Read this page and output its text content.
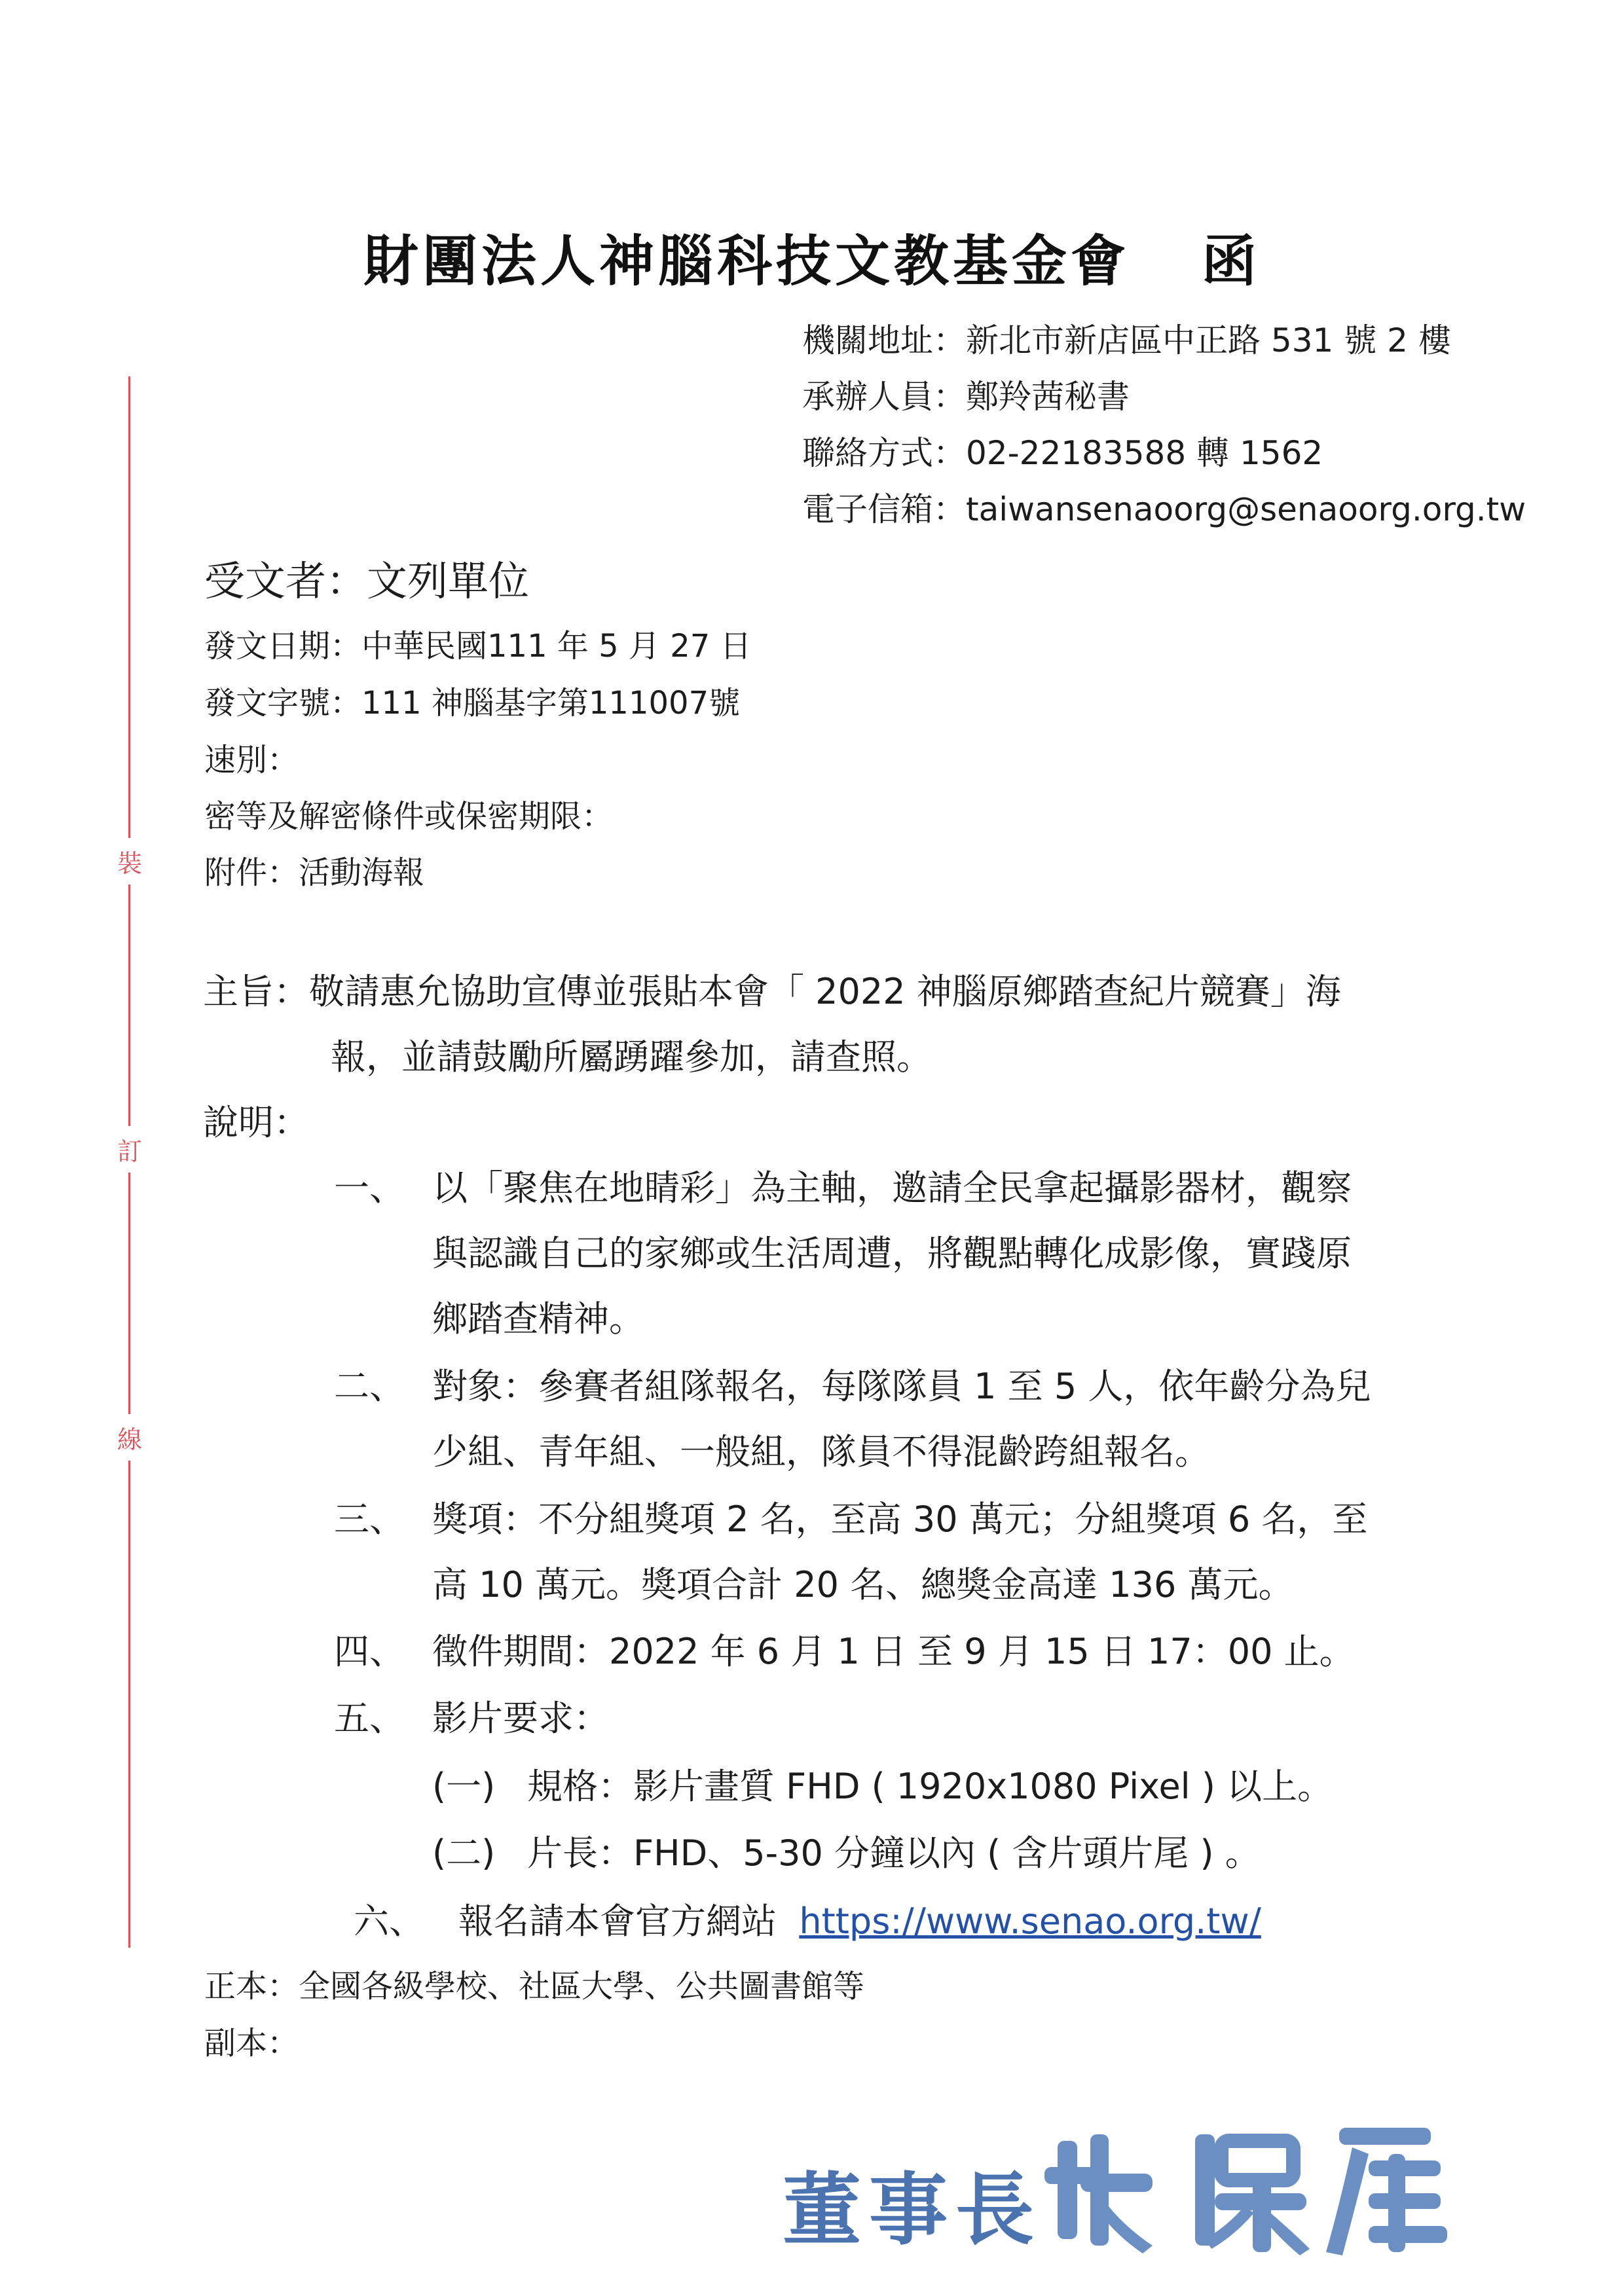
裝
訂
線
財團法人神腦科技文教基金會 函
機關地址：新北市新店區中正路 531 號 2 樓
承辦人員：鄭羚茜秘書
聯絡方式：02-22183588 轉 1562
電子信箱：taiwansenaoorg@senaoorg.org.tw
受文者：文列單位
發文日期：中華民國111 年 5 月 27 日
發文字號：111 神腦基字第111007號
速別：
密等及解密條件或保密期限：
附件：活動海報
主旨：敬請惠允協助宣傳並張貼本會「 2022 神腦原鄉踏查紀片競賽」海
報，並請鼓勵所屬踴躍參加，請查照。
說明：
一、 以「聚焦在地睛彩」為主軸，邀請全民拿起攝影器材，觀察
與認識自己的家鄉或生活周遭，將觀點轉化成影像，實踐原
鄉踏查精神。
二、 對象：參賽者組隊報名，每隊隊員 1 至 5 人，依年齡分為兒
少組、青年組、一般組，隊員不得混齡跨組報名。
三、 獎項：不分組獎項 2 名，至高 30 萬元；分組獎項 6 名，至
高 10 萬元。獎項合計 20 名、總獎金高達 136 萬元。
四、 徵件期間：2022 年 6 月 1 日 至 9 月 15 日 17：00 止。
五、 影片要求：
(一) 規格：影片畫質 FHD ( 1920x1080 Pixel ) 以上。
(二) 片長：FHD、5-30 分鐘以內 ( 含片頭片尾 ) 。
六、 報名請本會官方網站 https://www.senao.org.tw/
正本：全國各級學校、社區大學、公共圖書館等
副本：
董事長
